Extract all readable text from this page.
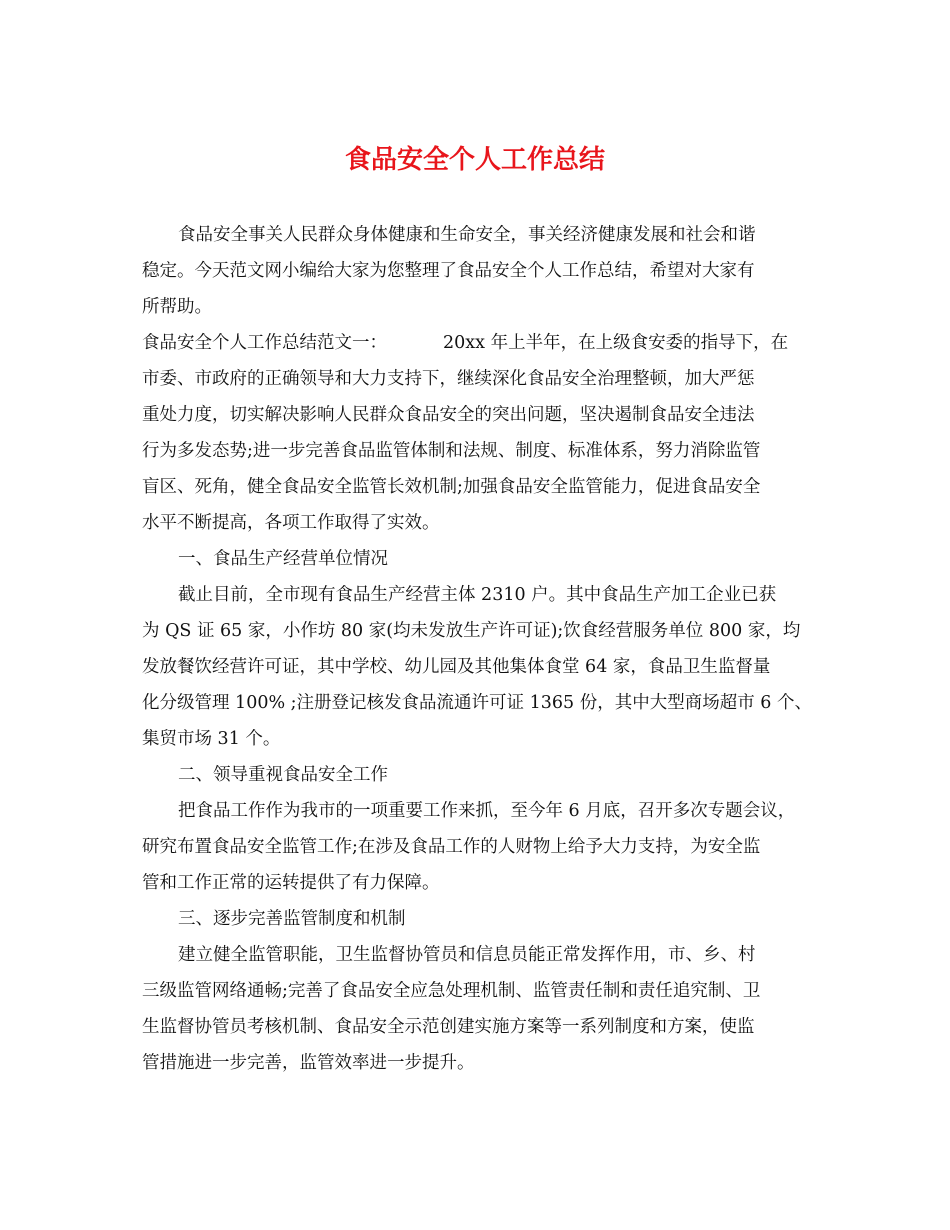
食品安全个人工作总结

食品安全事关人民群众身体健康和生命安全，事关经济健康发展和社会和谐

稳定。今天范文网小编给大家为您整理了食品安全个人工作总结，希望对大家有

所帮助。

食品安全个人工作总结范文一：	20xx 年上半年，在上级食安委的指导下，在

市委、市政府的正确领导和大力支持下，继续深化食品安全治理整顿，加大严惩

重处力度，切实解决影响人民群众食品安全的突出问题，坚决遏制食品安全违法

行为多发态势;进一步完善食品监管体制和法规、制度、标准体系，努力消除监管

盲区、死角，健全食品安全监管长效机制;加强食品安全监管能力，促进食品安全

水平不断提高，各项工作取得了实效。

一、食品生产经营单位情况

截止目前，全市现有食品生产经营主体 2310 户。其中食品生产加工企业已获

为 QS 证 65 家，小作坊 80 家(均未发放生产许可证);饮食经营服务单位 800 家，均

发放餐饮经营许可证，其中学校、幼儿园及其他集体食堂 64 家，食品卫生监督量

化分级管理 100% ;注册登记核发食品流通许可证 1365 份，其中大型商场超市 6 个、

集贸市场 31 个。

二、领导重视食品安全工作

把食品工作作为我市的一项重要工作来抓，至今年 6 月底，召开多次专题会议，

研究布置食品安全监管工作;在涉及食品工作的人财物上给予大力支持，为安全监

管和工作正常的运转提供了有力保障。

三、逐步完善监管制度和机制

建立健全监管职能，卫生监督协管员和信息员能正常发挥作用，市、乡、村

三级监管网络通畅;完善了食品安全应急处理机制、监管责任制和责任追究制、卫

生监督协管员考核机制、食品安全示范创建实施方案等一系列制度和方案，使监

管措施进一步完善，监管效率进一步提升。
